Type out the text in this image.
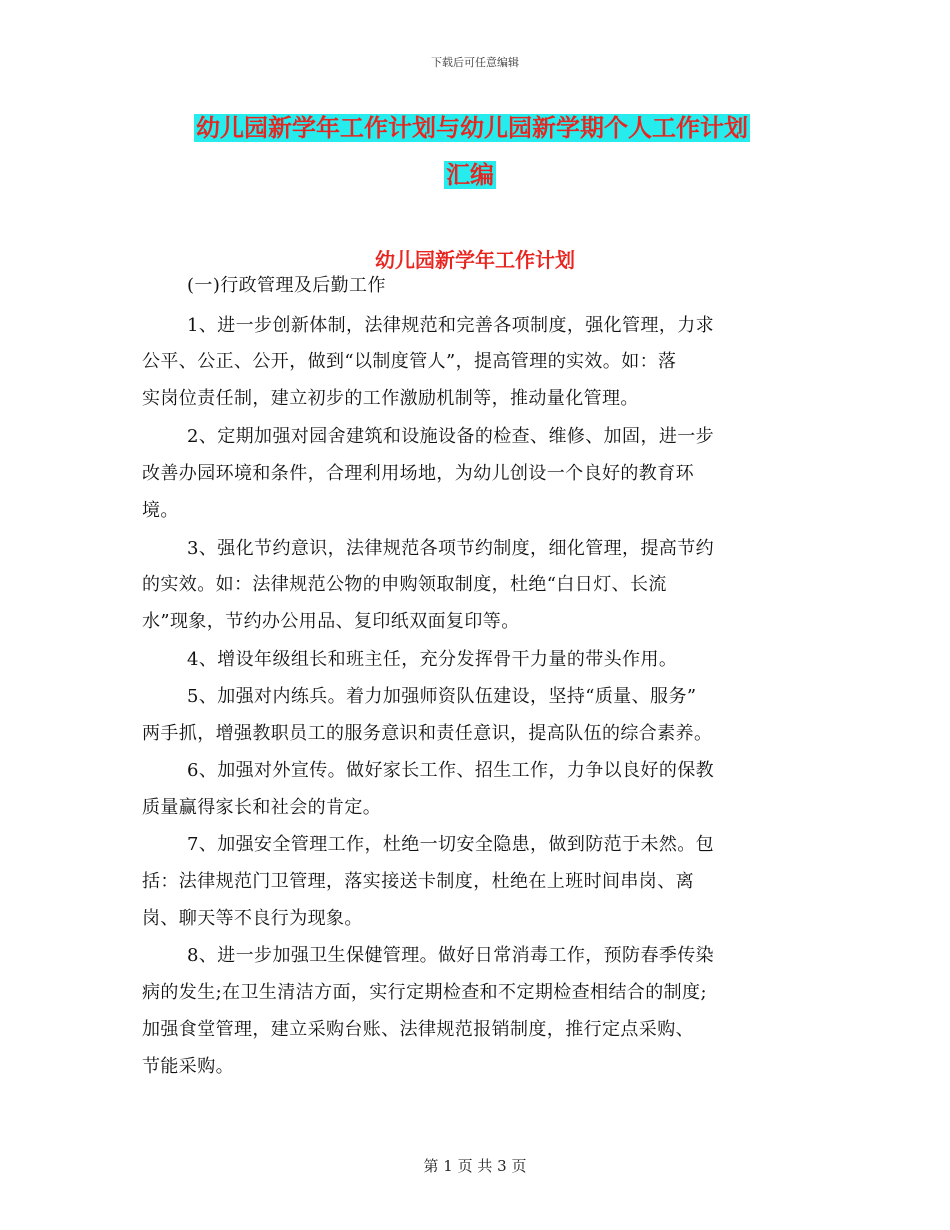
下载后可任意编辑
幼儿园新学年工作计划与幼儿园新学期个人工作计划
汇编
幼儿园新学年工作计划
(一)行政管理及后勤工作
1、进一步创新体制，法律规范和完善各项制度，强化管理，力求
公平、公正、公开，做到“以制度管人”，提高管理的实效。如：落
实岗位责任制，建立初步的工作激励机制等，推动量化管理。
2、定期加强对园舍建筑和设施设备的检查、维修、加固，进一步
改善办园环境和条件，合理利用场地，为幼儿创设一个良好的教育环
境。
3、强化节约意识，法律规范各项节约制度，细化管理，提高节约
的实效。如：法律规范公物的申购领取制度，杜绝“白日灯、长流
水”现象，节约办公用品、复印纸双面复印等。
4、增设年级组长和班主任，充分发挥骨干力量的带头作用。
5、加强对内练兵。着力加强师资队伍建设，坚持“质量、服务”
两手抓，增强教职员工的服务意识和责任意识，提高队伍的综合素养。
6、加强对外宣传。做好家长工作、招生工作，力争以良好的保教
质量赢得家长和社会的肯定。
7、加强安全管理工作，杜绝一切安全隐患，做到防范于未然。包
括：法律规范门卫管理，落实接送卡制度，杜绝在上班时间串岗、离
岗、聊天等不良行为现象。
8、进一步加强卫生保健管理。做好日常消毒工作，预防春季传染
病的发生;在卫生清洁方面，实行定期检查和不定期检查相结合的制度;
加强食堂管理，建立采购台账、法律规范报销制度，推行定点采购、
节能采购。
第 1 页 共 3 页
